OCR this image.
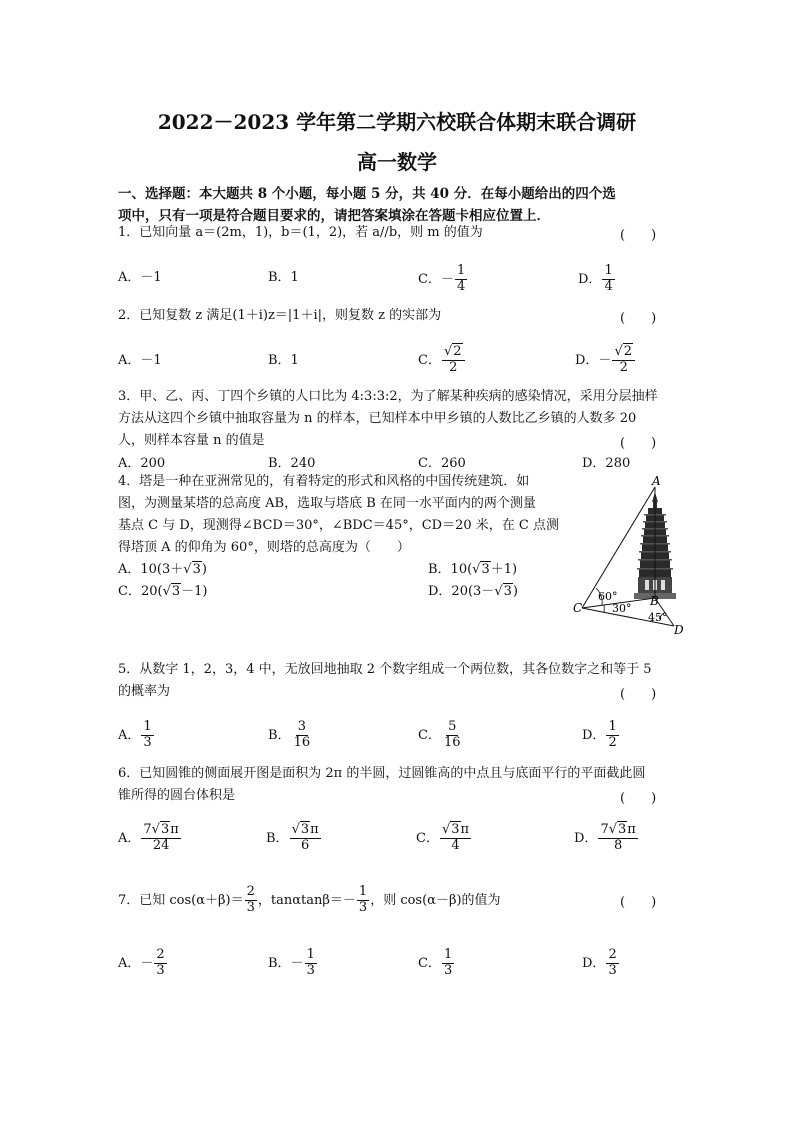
2022－2023 学年第二学期六校联合体期末联合调研
高一数学
一、选择题：本大题共 8 个小题，每小题 5 分，共 40 分．在每小题给出的四个选
项中，只有一项是符合题目要求的，请把答案填涂在答题卡相应位置上．
1．已知向量 a＝(2m，1)，b＝(1，2)，若 a//b，则 m 的值为	(　　)
A．－1	B．1	C．－ $\frac{1}{4}$	D． $\frac{1}{4}$
2．已知复数 z 满足(1＋i)z＝|1＋i|，则复数 z 的实部为	(　　)
A．－1	B．1	C． $\frac{√2}{2}$	D．－ $\frac{√2}{2}$
3．甲、乙、丙、丁四个乡镇的人口比为 4:3:3:2，为了解某种疾病的感染情况，采用分层抽样
方法从这四个乡镇中抽取容量为 n 的样本，已知样本中甲乡镇的人数比乙乡镇的人数多 20
人，则样本容量 n 的值是	(　　)
A．200	B．240	C．260	D．280
4．塔是一种在亚洲常见的，有着特定的形式和风格的中国传统建筑．如
图，为测量某塔的总高度 AB，选取与塔底 B 在同一水平面内的两个测量
基点 C 与 D，现测得∠BCD＝30°，∠BDC＝45°，CD＝20 米，在 C 点测
得塔顶 A 的仰角为 60°，则塔的总高度为（　　）
A．10(3＋√3)	B．10(√3＋1)
C．20(√3－1)	D．20(3－√3)
A
B
C
D
60°
30°
45°
5．从数字 1，2，3，4 中，无放回地抽取 2 个数字组成一个两位数，其各位数字之和等于 5
的概率为	(　　)
A． $\frac{1}{3}$	B． $\frac{3}{16}$	C． $\frac{5}{16}$	D． $\frac{1}{2}$
6．已知圆锥的侧面展开图是面积为 2π 的半圆，过圆锥高的中点且与底面平行的平面截此圆
锥所得的圆台体积是	(　　)
A． $\frac{7√3\pi}{24}$	B． $\frac{√3\pi}{6}$	C． $\frac{√3\pi}{4}$	D． $\frac{7√3\pi}{8}$
7．已知 $\cos(\alpha+\beta)= \frac{2}{3}$ ，$\tan\alpha\tan\beta=- \frac{1}{3}$ ，则 cos(α－β)的值为	(　　)
A．－ $\frac{2}{3}$	B．－ $\frac{1}{3}$	C． $\frac{1}{3}$	D． $\frac{2}{3}$
